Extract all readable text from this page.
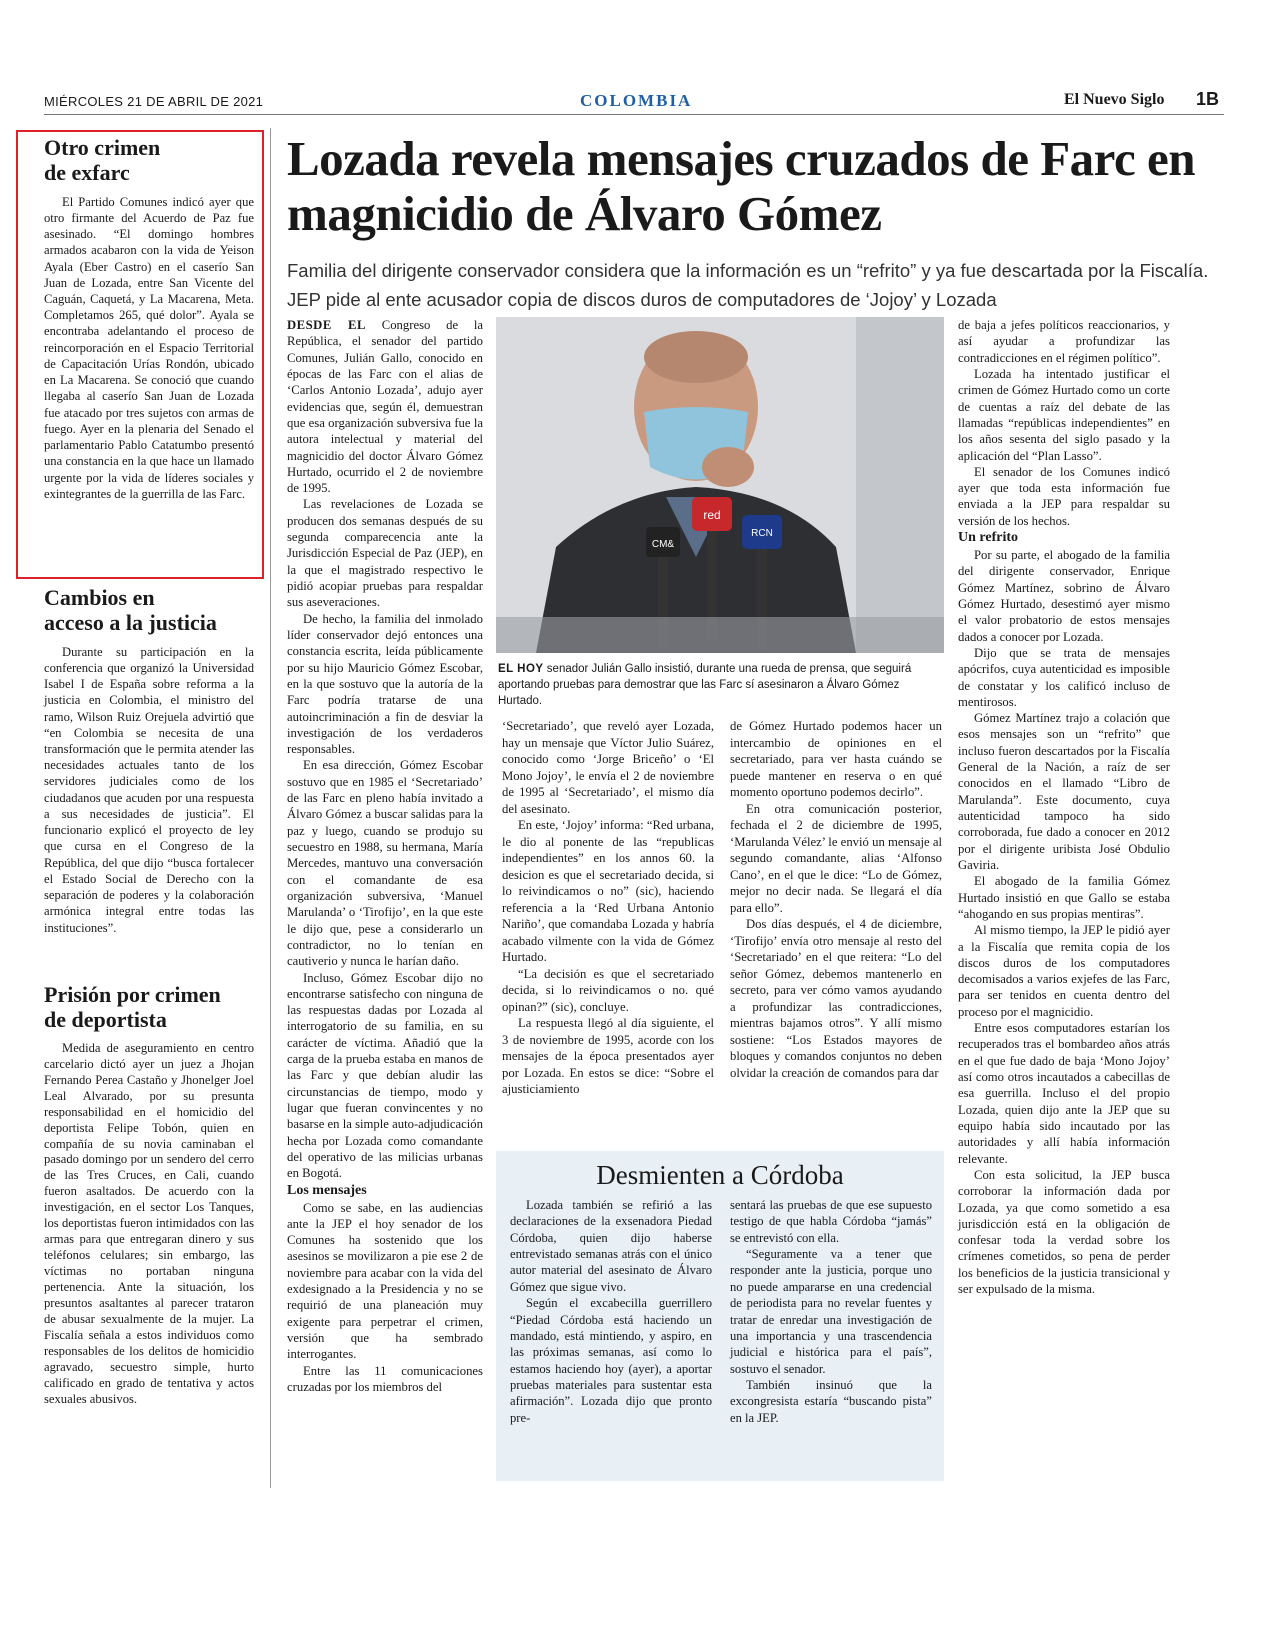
MIÉRCOLES 21 DE ABRIL DE 2021	COLOMBIA	El Nuevo Siglo 1B
Otro crimen
de exfarc

El Partido Comunes indicó ayer que otro firmante del Acuerdo de Paz fue asesinado. “El domingo hombres armados acabaron con la vida de Yeison Ayala (Eber Castro) en el caserío San Juan de Lozada, entre San Vicente del Caguán, Caquetá, y La Macarena, Meta. Completamos 265, qué dolor”. Ayala se encontraba adelantando el proceso de reincorporación en el Espacio Territorial de Capacitación Urías Rondón, ubicado en La Macarena. Se conoció que cuando llegaba al caserío San Juan de Lozada fue atacado por tres sujetos con armas de fuego. Ayer en la plenaria del Senado el parlamentario Pablo Catatumbo presentó una constancia en la que hace un llamado urgente por la vida de líderes sociales y exintegrantes de la guerrilla de las Farc.

Cambios en
acceso a la justicia

Durante su participación en la conferencia que organizó la Universidad Isabel I de España sobre reforma a la justicia en Colombia, el ministro del ramo, Wilson Ruiz Orejuela advirtió que “en Colombia se necesita de una transformación que le permita atender las necesidades actuales tanto de los servidores judiciales como de los ciudadanos que acuden por una respuesta a sus necesidades de justicia”. El funcionario explicó el proyecto de ley que cursa en el Congreso de la República, del que dijo “busca fortalecer el Estado Social de Derecho con la separación de poderes y la colaboración armónica integral entre todas las instituciones”.

Prisión por crimen
de deportista

Medida de aseguramiento en centro carcelario dictó ayer un juez a Jhojan Fernando Perea Castaño y Jhonelger Joel Leal Alvarado, por su presunta responsabilidad en el homicidio del deportista Felipe Tobón, quien en compañía de su novia caminaban el pasado domingo por un sendero del cerro de las Tres Cruces, en Cali, cuando fueron asaltados. De acuerdo con la investigación, en el sector Los Tanques, los deportistas fueron intimidados con las armas para que entregaran dinero y sus teléfonos celulares; sin embargo, las víctimas no portaban ninguna pertenencia. Ante la situación, los presuntos asaltantes al parecer trataron de abusar sexualmente de la mujer. La Fiscalía señala a estos individuos como responsables de los delitos de homicidio agravado, secuestro simple, hurto calificado en grado de tentativa y actos sexuales abusivos.

Lozada revela mensajes cruzados de Farc en magnicidio de Álvaro Gómez
Familia del dirigente conservador considera que la información es un “refrito” y ya fue descartada por la Fiscalía. JEP pide al ente acusador copia de discos duros de computadores de ‘Jojoy’ y Lozada

DESDE EL Congreso de la República, el senador del partido Comunes, Julián Gallo, conocido en épocas de las Farc con el alias de ‘Carlos Antonio Lozada’, adujo ayer evidencias que, según él, demuestran que esa organización subversiva fue la autora intelectual y material del magnicidio del doctor Álvaro Gómez Hurtado, ocurrido el 2 de noviembre de 1995.

Las revelaciones de Lozada se producen dos semanas después de su segunda comparecencia ante la Jurisdicción Especial de Paz (JEP), en la que el magistrado respectivo le pidió acopiar pruebas para respaldar sus aseveraciones.

De hecho, la familia del inmolado líder conservador dejó entonces una constancia escrita, leída públicamente por su hijo Mauricio Gómez Escobar, en la que sostuvo que la autoría de la Farc podría tratarse de una autoincriminación a fin de desviar la investigación de los verdaderos responsables.

En esa dirección, Gómez Escobar sostuvo que en 1985 el ‘Secretariado’ de las Farc en pleno había invitado a Álvaro Gómez a buscar salidas para la paz y luego, cuando se produjo su secuestro en 1988, su hermana, María Mercedes, mantuvo una conversación con el comandante de esa organización subversiva, ‘Manuel Marulanda’ o ‘Tirofijo’, en la que este le dijo que, pese a considerarlo un contradictor, no lo tenían en cautiverio y nunca le harían daño.

Incluso, Gómez Escobar dijo no encontrarse satisfecho con ninguna de las respuestas dadas por Lozada al interrogatorio de su familia, en su carácter de víctima. Añadió que la carga de la prueba estaba en manos de las Farc y que debían aludir las circunstancias de tiempo, modo y lugar que fueran convincentes y no basarse en la simple auto-adjudicación hecha por Lozada como comandante del operativo de las milicias urbanas en Bogotá.

Los mensajes

Como se sabe, en las audiencias ante la JEP el hoy senador de los Comunes ha sostenido que los asesinos se movilizaron a pie ese 2 de noviembre para acabar con la vida del exdesignado a la Presidencia y no se requirió de una planeación muy exigente para perpetrar el crimen, versión que ha sembrado interrogantes.

Entre las 11 comunicaciones cruzadas por los miembros del

CM&
red
RCN
EL HOY senador Julián Gallo insistió, durante una rueda de prensa, que seguirá aportando pruebas para demostrar que las Farc sí asesinaron a Álvaro Gómez Hurtado.

‘Secretariado’, que reveló ayer Lozada, hay un mensaje que Víctor Julio Suárez, conocido como ‘Jorge Briceño’ o ‘El Mono Jojoy’, le envía el 2 de noviembre de 1995 al ‘Secretariado’, el mismo día del asesinato.

En este, ‘Jojoy’ informa: “Red urbana, le dio al ponente de las “republicas independientes” en los annos 60. la desicion es que el secretariado decida, si lo reivindicamos o no” (sic), haciendo referencia a la ‘Red Urbana Antonio Nariño’, que comandaba Lozada y habría acabado vilmente con la vida de Gómez Hurtado.

“La decisión es que el secretariado decida, si lo reivindicamos o no. qué opinan?” (sic), concluye.

La respuesta llegó al día siguiente, el 3 de noviembre de 1995, acorde con los mensajes de la época presentados ayer por Lozada. En estos se dice: “Sobre el ajusticiamiento

de Gómez Hurtado podemos hacer un intercambio de opiniones en el secretariado, para ver hasta cuándo se puede mantener en reserva o en qué momento oportuno podemos decirlo”.

En otra comunicación posterior, fechada el 2 de diciembre de 1995, ‘Marulanda Vélez’ le envió un mensaje al segundo comandante, alias ‘Alfonso Cano’, en el que le dice: “Lo de Gómez, mejor no decir nada. Se llegará el día para ello”.

Dos días después, el 4 de diciembre, ‘Tirofijo’ envía otro mensaje al resto del ‘Secretariado’ en el que reitera: “Lo del señor Gómez, debemos mantenerlo en secreto, para ver cómo vamos ayudando a profundizar las contradicciones, mientras bajamos otros”. Y allí mismo sostiene: “Los Estados mayores de bloques y comandos conjuntos no deben olvidar la creación de comandos para dar

Desmienten a Córdoba

Lozada también se refirió a las declaraciones de la exsenadora Piedad Córdoba, quien dijo haberse entrevistado semanas atrás con el único autor material del asesinato de Álvaro Gómez que sigue vivo.

Según el excabecilla guerrillero “Piedad Córdoba está haciendo un mandado, está mintiendo, y aspiro, en las próximas semanas, así como lo estamos haciendo hoy (ayer), a aportar pruebas materiales para sustentar esta afirmación”. Lozada dijo que pronto pre-

sentará las pruebas de que ese supuesto testigo de que habla Córdoba “jamás” se entrevistó con ella.

“Seguramente va a tener que responder ante la justicia, porque uno no puede ampararse en una credencial de periodista para no revelar fuentes y tratar de enredar una investigación de una importancia y una trascendencia judicial e histórica para el país”, sostuvo el senador.

También insinuó que la excongresista estaría “buscando pista” en la JEP.

de baja a jefes políticos reaccionarios, y así ayudar a profundizar las contradicciones en el régimen político”.

Lozada ha intentado justificar el crimen de Gómez Hurtado como un corte de cuentas a raíz del debate de las llamadas “repúblicas independientes” en los años sesenta del siglo pasado y la aplicación del “Plan Lasso”.

El senador de los Comunes indicó ayer que toda esta información fue enviada a la JEP para respaldar su versión de los hechos.

Un refrito

Por su parte, el abogado de la familia del dirigente conservador, Enrique Gómez Martínez, sobrino de Álvaro Gómez Hurtado, desestimó ayer mismo el valor probatorio de estos mensajes dados a conocer por Lozada.

Dijo que se trata de mensajes apócrifos, cuya autenticidad es imposible de constatar y los calificó incluso de mentirosos.

Gómez Martínez trajo a colación que esos mensajes son un “refrito” que incluso fueron descartados por la Fiscalía General de la Nación, a raíz de ser conocidos en el llamado “Libro de Marulanda”. Este documento, cuya autenticidad tampoco ha sido corroborada, fue dado a conocer en 2012 por el dirigente uribista José Obdulio Gaviria.

El abogado de la familia Gómez Hurtado insistió en que Gallo se estaba “ahogando en sus propias mentiras”.

Al mismo tiempo, la JEP le pidió ayer a la Fiscalía que remita copia de los discos duros de los computadores decomisados a varios exjefes de las Farc, para ser tenidos en cuenta dentro del proceso por el magnicidio.

Entre esos computadores estarían los recuperados tras el bombardeo años atrás en el que fue dado de baja ‘Mono Jojoy’ así como otros incautados a cabecillas de esa guerrilla. Incluso el del propio Lozada, quien dijo ante la JEP que su equipo había sido incautado por las autoridades y allí había información relevante.

Con esta solicitud, la JEP busca corroborar la información dada por Lozada, ya que como sometido a esa jurisdicción está en la obligación de confesar toda la verdad sobre los crímenes cometidos, so pena de perder los beneficios de la justicia transicional y ser expulsado de la misma.
